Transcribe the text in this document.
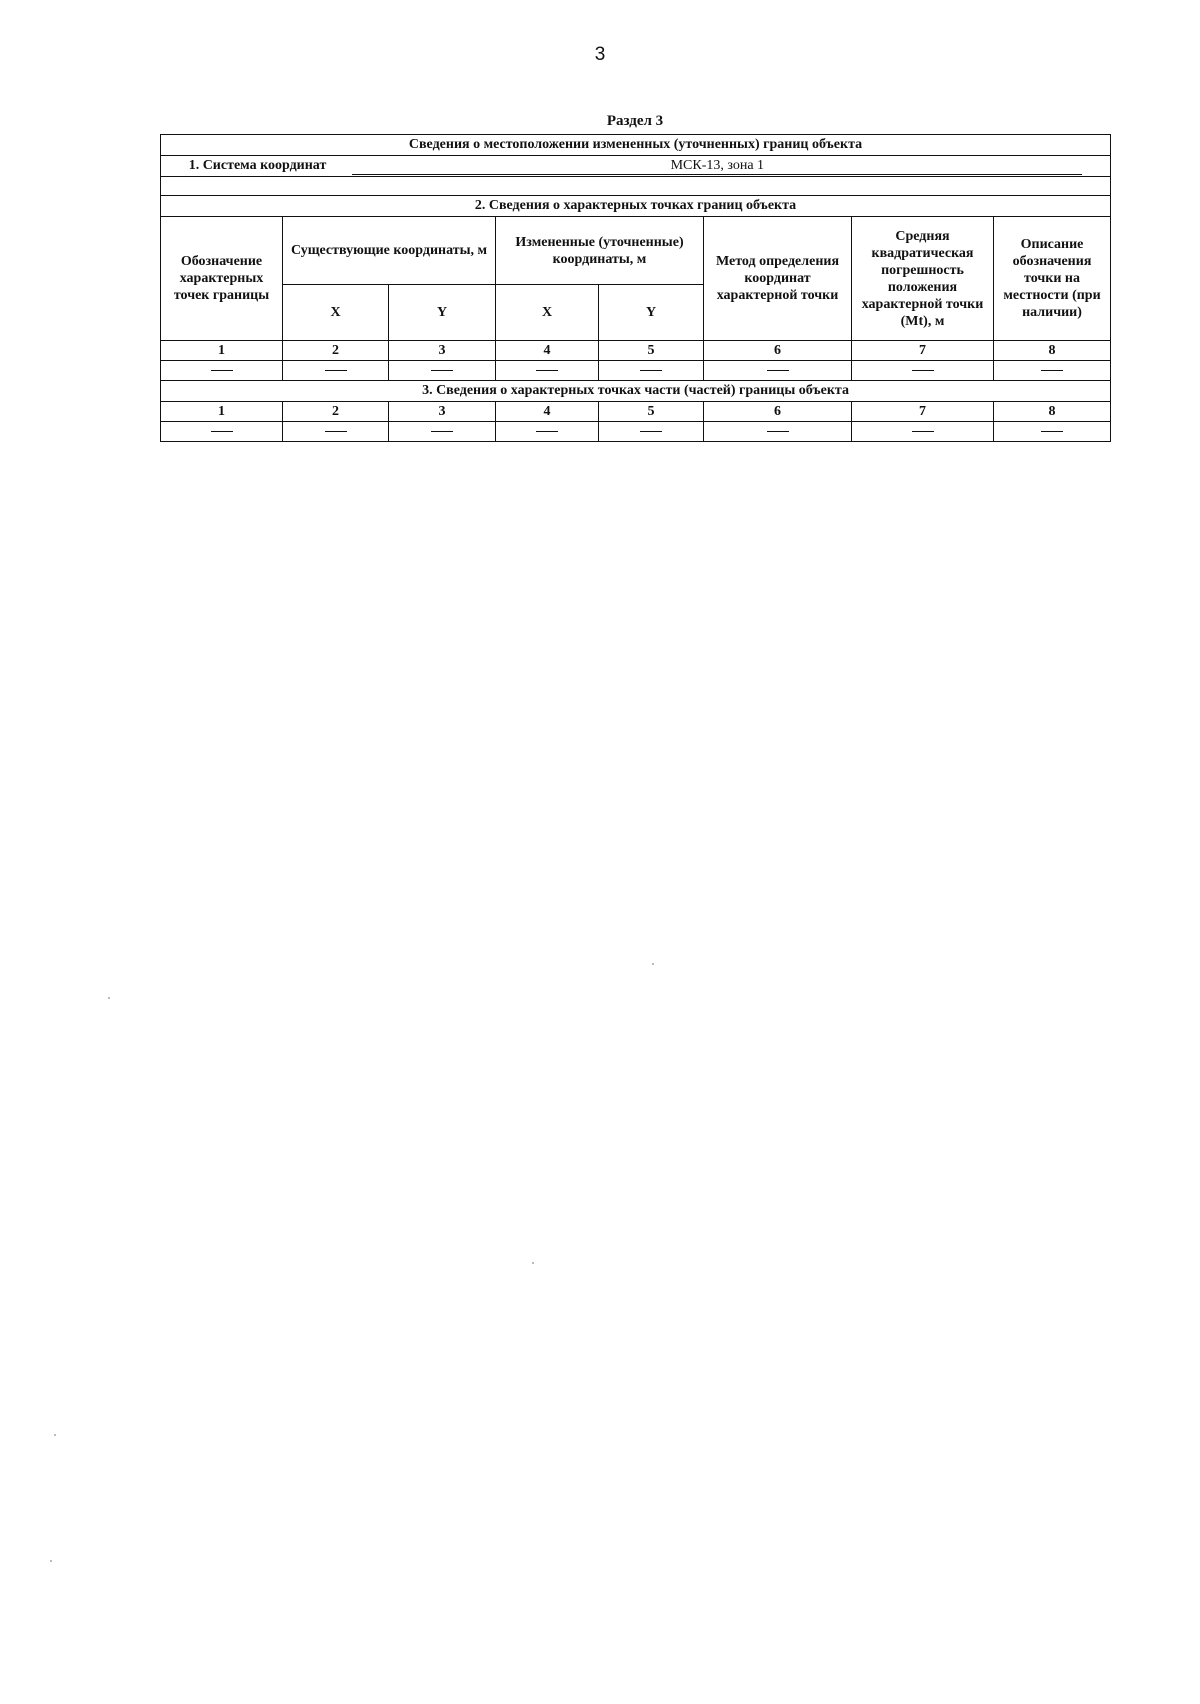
3
Раздел 3
Сведения о местоположении измененных (уточненных) границ объекта							
1. Система координат МСК-13, зона 1							

2. Сведения о характерных точках границ объекта							
Обозначение характерных точек границы	Существующие координаты, м		Измененные (уточненные) координаты, м		Метод определения координат характерной точки	Средняя квадратическая погрешность положения характерной точки (Mt), м	Описание обозначения точки на местности (при наличии)
	X	Y	X	Y			
1	2	3	4	5	6	7	8

3. Сведения о характерных точках части (частей) границы объекта							
1	2	3	4	5	6	7	8
